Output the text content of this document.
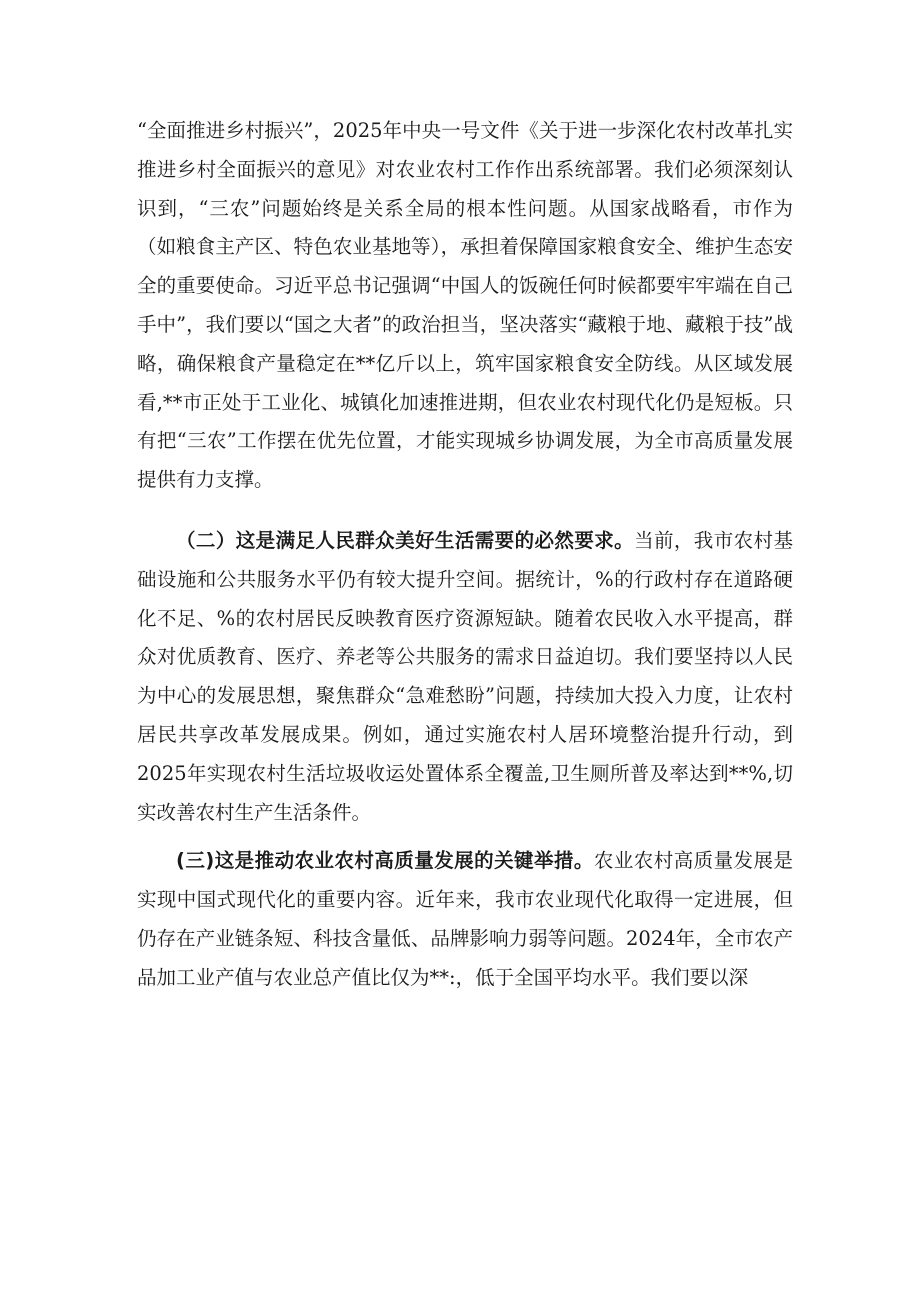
“全面推进乡村振兴”，2025年中央一号文件《关于进一步深化农村改革扎实推进乡村全面振兴的意见》对农业农村工作作出系统部署。我们必须深刻认识到，“三农”问题始终是关系全局的根本性问题。从国家战略看，市作为（如粮食主产区、特色农业基地等），承担着保障国家粮食安全、维护生态安全的重要使命。习近平总书记强调“中国人的饭碗任何时候都要牢牢端在自己手中”，我们要以“国之大者”的政治担当，坚决落实“藏粮于地、藏粮于技”战略，确保粮食产量稳定在**亿斤以上，筑牢国家粮食安全防线。从区域发展看,**市正处于工业化、城镇化加速推进期，但农业农村现代化仍是短板。只有把“三农”工作摆在优先位置，才能实现城乡协调发展，为全市高质量发展提供有力支撑。

（二）这是满足人民群众美好生活需要的必然要求。当前，我市农村基础设施和公共服务水平仍有较大提升空间。据统计，%的行政村存在道路硬化不足、%的农村居民反映教育医疗资源短缺。随着农民收入水平提高，群众对优质教育、医疗、养老等公共服务的需求日益迫切。我们要坚持以人民为中心的发展思想，聚焦群众“急难愁盼”问题，持续加大投入力度，让农村居民共享改革发展成果。例如，通过实施农村人居环境整治提升行动，到2025年实现农村生活垃圾收运处置体系全覆盖,卫生厕所普及率达到**%,切实改善农村生产生活条件。

(三)这是推动农业农村高质量发展的关键举措。农业农村高质量发展是实现中国式现代化的重要内容。近年来，我市农业现代化取得一定进展，但仍存在产业链条短、科技含量低、品牌影响力弱等问题。2024年，全市农产品加工业产值与农业总产值比仅为**:，低于全国平均水平。我们要以深
